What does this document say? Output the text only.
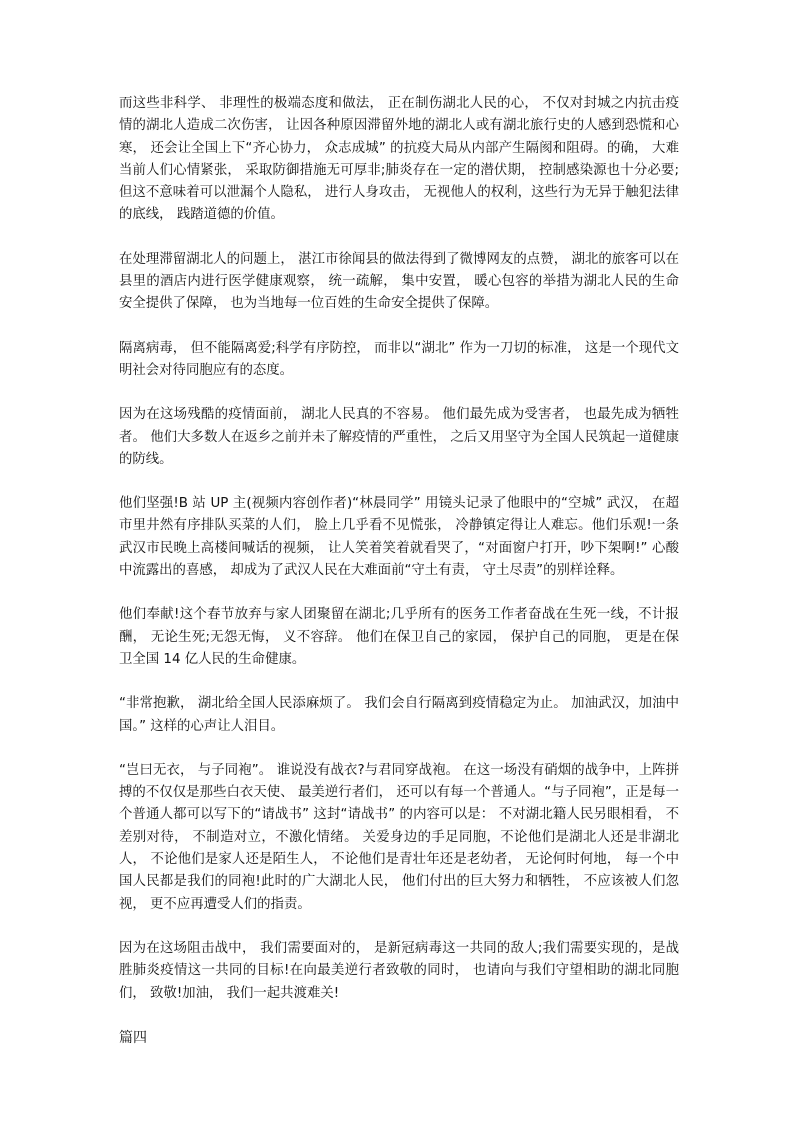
而这些非科学、 非理性的极端态度和做法， 正在制伤湖北人民的心， 不仅对封城之内抗击疫情的湖北人造成二次伤害， 让因各种原因滞留外地的湖北人或有湖北旅行史的人感到恐慌和心寒， 还会让全国上下“齐心协力， 众志成城” 的抗疫大局从内部产生隔阂和阻碍。的确， 大难当前人们心情紧张， 采取防御措施无可厚非;肺炎存在一定的潜伏期， 控制感染源也十分必要;但这不意味着可以泄漏个人隐私， 进行人身攻击， 无视他人的权利，这些行为无异于触犯法律的底线， 践踏道德的价值。

在处理滞留湖北人的问题上， 湛江市徐闻县的做法得到了微博网友的点赞， 湖北的旅客可以在县里的酒店内进行医学健康观察， 统一疏解， 集中安置， 暖心包容的举措为湖北人民的生命安全提供了保障， 也为当地每一位百姓的生命安全提供了保障。

隔离病毒， 但不能隔离爱;科学有序防控， 而非以“湖北” 作为一刀切的标准， 这是一个现代文明社会对待同胞应有的态度。

因为在这场残酷的疫情面前， 湖北人民真的不容易。 他们最先成为受害者， 也最先成为牺牲者。 他们大多数人在返乡之前并未了解疫情的严重性， 之后又用坚守为全国人民筑起一道健康的防线。

他们坚强!B 站 UP 主(视频内容创作者)“林晨同学” 用镜头记录了他眼中的“空城” 武汉， 在超市里井然有序排队买菜的人们， 脸上几乎看不见慌张， 冷静镇定得让人难忘。他们乐观!一条武汉市民晚上高楼间喊话的视频， 让人笑着笑着就看哭了，“对面窗户打开，吵下架啊!” 心酸中流露出的喜感， 却成为了武汉人民在大难面前“守土有责， 守土尽责”的别样诠释。

他们奉献!这个春节放弃与家人团聚留在湖北;几乎所有的医务工作者奋战在生死一线，不计报酬， 无论生死;无怨无悔， 义不容辞。 他们在保卫自己的家园， 保护自己的同胞， 更是在保卫全国 14 亿人民的生命健康。

“非常抱歉， 湖北给全国人民添麻烦了。 我们会自行隔离到疫情稳定为止。 加油武汉，加油中国。” 这样的心声让人泪目。

“岂曰无衣， 与子同袍”。 谁说没有战衣?与君同穿战袍。 在这一场没有硝烟的战争中，上阵拼搏的不仅仅是那些白衣天使、 最美逆行者们， 还可以有每一个普通人。“与子同袍”，正是每一个普通人都可以写下的“请战书” 这封“请战书” 的内容可以是： 不对湖北籍人民另眼相看， 不差别对待， 不制造对立，不激化情绪。 关爱身边的手足同胞，不论他们是湖北人还是非湖北人， 不论他们是家人还是陌生人， 不论他们是青壮年还是老幼者， 无论何时何地， 每一个中国人民都是我们的同袍!此时的广大湖北人民， 他们付出的巨大努力和牺牲， 不应该被人们忽视， 更不应再遭受人们的指责。

因为在这场阻击战中， 我们需要面对的， 是新冠病毒这一共同的敌人;我们需要实现的，是战胜肺炎疫情这一共同的目标!在向最美逆行者致敬的同时， 也请向与我们守望相助的湖北同胞们， 致敬!加油， 我们一起共渡难关!

篇四
